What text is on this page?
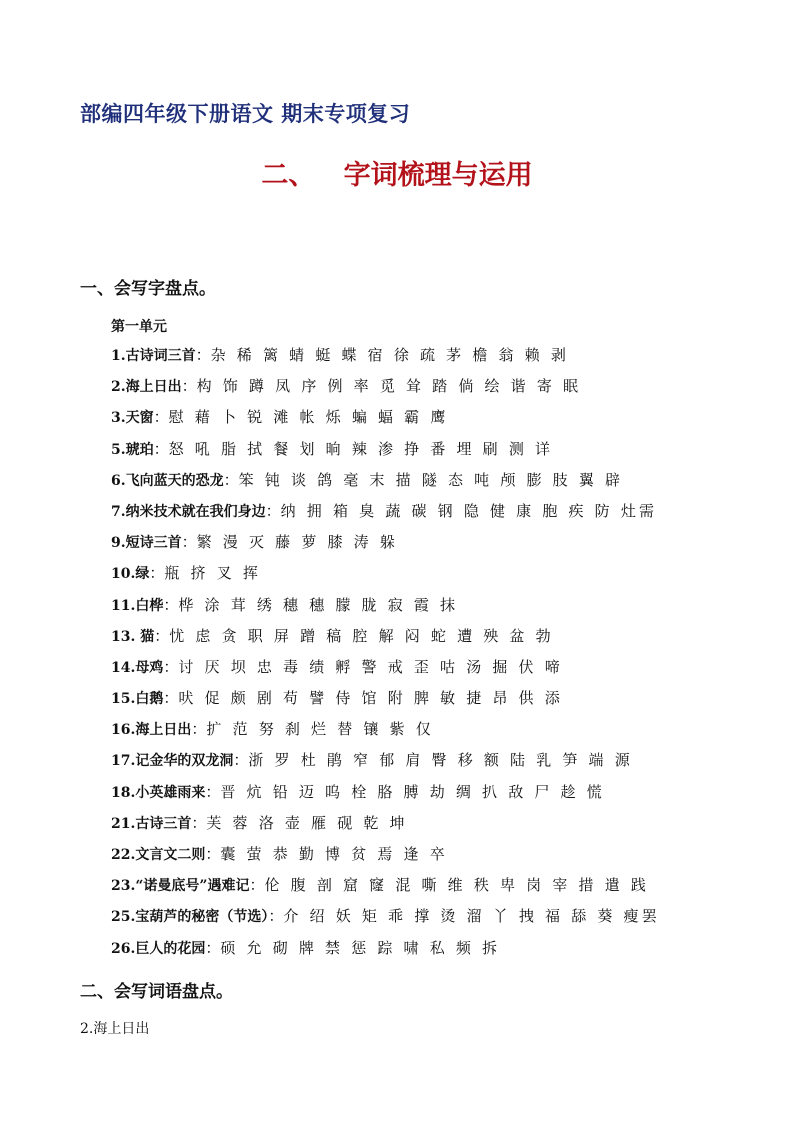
部编四年级下册语文 期末专项复习
二、   字词梳理与运用
一、会写字盘点。
第一单元
1.古诗词三首：杂 稀 篱 蜻 蜓 蝶 宿 徐 疏 茅 檐 翁 赖 剥
2.海上日出：构 饰 蹲 凤 序 例 率 觅 耸 踏 倘 绘 谐 寄 眠
3.天窗：慰 藉 卜 锐 滩 帐 烁 蝙 蝠 霸 鹰
5.琥珀：怒 吼 脂 拭 餐 划 晌 辣 渗 挣 番 埋 刷 测 详
6.飞向蓝天的恐龙：笨 钝 谈 鸽 毫 末 描 隧 态 吨 颅 膨 肢 翼 辟
7.纳米技术就在我们身边：纳 拥 箱 臭 蔬 碳 钢 隐 健 康 胞 疾 防 灶需
9.短诗三首：繁 漫 灭 藤 萝 膝 涛 躲
10.绿：瓶 挤 叉 挥
11.白桦：桦 涂 茸 绣 穗 穗 朦 胧 寂 霞 抹
13. 猫：忧 虑 贪 职 屏 蹭 稿 腔 解 闷 蛇 遭 殃 盆 勃
14.母鸡：讨 厌 坝 忠 毒 绩 孵 警 戒 歪 咕 汤 掘 伏 啼
15.白鹅：吠 促 颇 剧 苟 譬 侍 馆 附 脾 敏 捷 昂 供 添
16.海上日出：扩 范 努 刹 烂 替 镶 紫 仅
17.记金华的双龙洞：浙 罗 杜 鹃 窄 郁 肩 臀 移 额 陆 乳 笋 端 源
18.小英雄雨来：晋 炕 铅 迈 呜 栓 胳 膊 劫 绸 扒 敌 尸 趁 慌
21.古诗三首：芙 蓉 洛 壶 雁 砚 乾 坤
22.文言文二则：囊 萤 恭 勤 博 贫 焉 逢 卒
23.“诺曼底号”遇难记：伦 腹 剖 窟 窿 混 嘶 维 秩 卑 岗 宰 措 遣 践
25.宝葫芦的秘密（节选）：介 绍 妖 矩 乖 撑 烫 溜 丫 拽 福 舔 葵 瘦罢
26.巨人的花园：硕 允 砌 牌 禁 惩 踪 啸 私 频 拆
二、会写词语盘点。
2.海上日出
